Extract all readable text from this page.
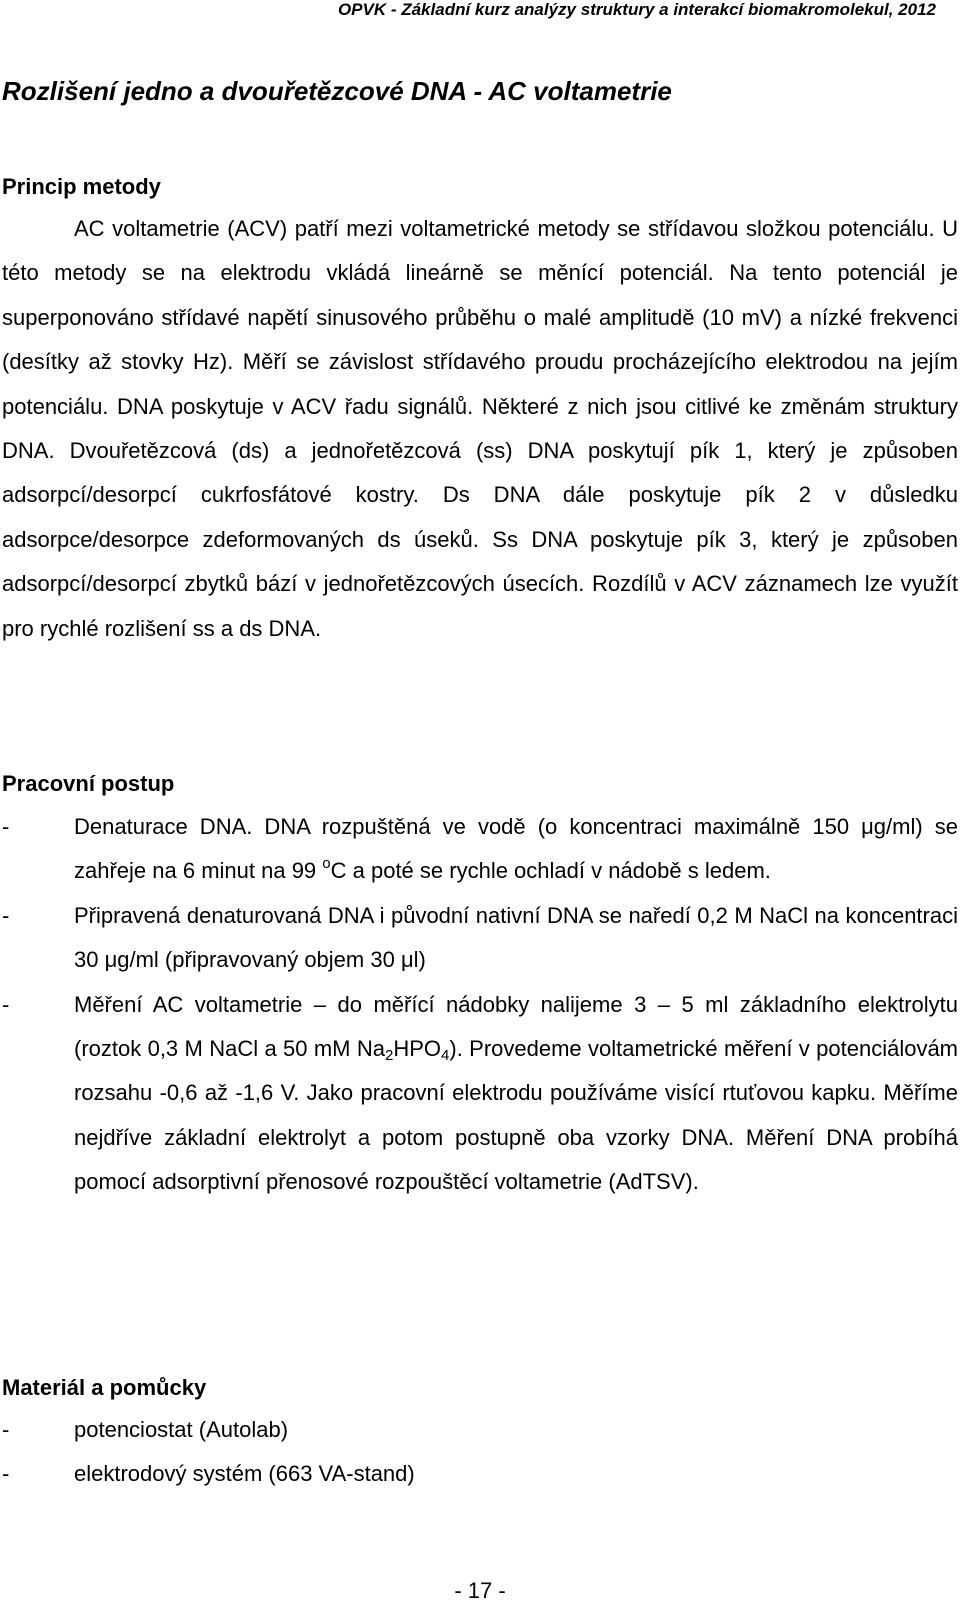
OPVK - Základní kurz analýzy struktury a interakcí biomakromolekul, 2012
Rozlišení jedno a dvouřetězcové DNA - AC voltametrie
Princip metody

AC voltametrie (ACV) patří mezi voltametrické metody se střídavou složkou potenciálu. U této metody se na elektrodu vkládá lineárně se měnící potenciál. Na tento potenciál je superponováno střídavé napětí sinusového průběhu o malé amplitudě (10 mV) a nízké frekvenci (desítky až stovky Hz). Měří se závislost střídavého proudu procházejícího elektrodou na jejím potenciálu. DNA poskytuje v ACV řadu signálů. Některé z nich jsou citlivé ke změnám struktury DNA. Dvouřetězcová (ds) a jednořetězcová (ss) DNA poskytují pík 1, který je způsoben adsorpcí/desorpcí cukrfosfátové kostry. Ds DNA dále poskytuje pík 2 v důsledku adsorpce/desorpce zdeformovaných ds úseků. Ss DNA poskytuje pík 3, který je způsoben adsorpcí/desorpcí zbytků bází v jednořetězcových úsecích. Rozdílů v ACV záznamech lze využít pro rychlé rozlišení ss a ds DNA.

Pracovní postup
-	Denaturace DNA. DNA rozpuštěná ve vodě (o koncentraci maximálně 150 μg/ml) se zahřeje na 6 minut na 99 $^o$C a poté se rychle ochladí v nádobě s ledem.
-	Připravená denaturovaná DNA i původní nativní DNA se naředí 0,2 M NaCl na koncentraci 30 μg/ml (připravovaný objem 30 μl)
-	Měření AC voltametrie – do měřící nádobky nalijeme 3 – 5 ml základního elektrolytu (roztok 0,3 M NaCl a 50 mM $Na_2HPO_4$). Provedeme voltametrické měření v potenciálovám rozsahu -0,6 až -1,6 V. Jako pracovní elektrodu používáme visící rtuťovou kapku. Měříme nejdříve základní elektrolyt a potom postupně oba vzorky DNA. Měření DNA probíhá pomocí adsorptivní přenosové rozpouštěcí voltametrie (AdTSV).
Materiál a pomůcky
-	potenciostat (Autolab)
-	elektrodový systém (663 VA-stand)
- 17 -
